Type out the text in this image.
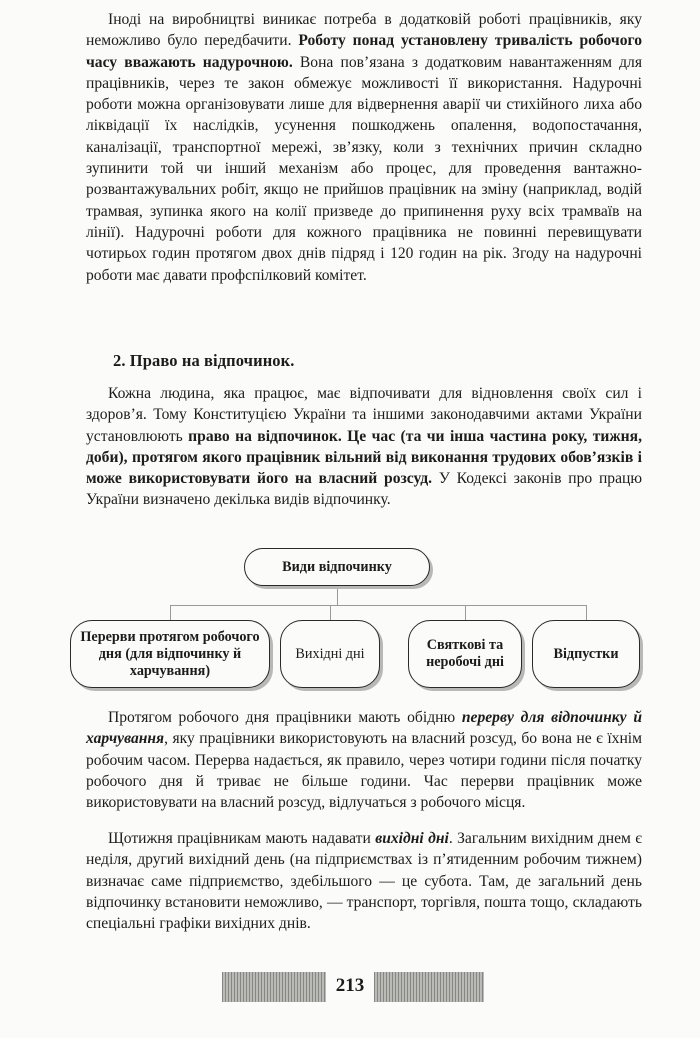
Іноді на виробництві виникає потреба в додатковій роботі працівників, яку неможливо було передбачити. Роботу понад установлену тривалість робочого часу вважають надурочною. Вона пов’язана з додатковим навантаженням для працівників, через те закон обмежує можливості її використання. Надурочні роботи можна організовувати лише для відвернення аварії чи стихійного лиха або ліквідації їх наслідків, усунення пошкоджень опалення, водопостачання, каналізації, транспортної мережі, зв’язку, коли з технічних причин складно зупинити той чи інший механізм або процес, для проведення вантажно-розвантажувальних робіт, якщо не прийшов працівник на зміну (наприклад, водій трамвая, зупинка якого на колії призведе до припинення руху всіх трамваїв на лінії). Надурочні роботи для кожного працівника не повинні перевищувати чотирьох годин протягом двох днів підряд і 120 годин на рік. Згоду на надурочні роботи має давати профспілковий комітет.

2. Право на відпочинок.

Кожна людина, яка працює, має відпочивати для відновлення своїх сил і здоров’я. Тому Конституцією України та іншими законодавчими актами України установлюють право на відпочинок. Це час (та чи інша частина року, тижня, доби), протягом якого працівник вільний від виконання трудових обов’язків і може використовувати його на власний розсуд. У Кодексі законів про працю України визначено декілька видів відпочинку.

Види відпочинку
Перерви протягом робочого дня (для відпочинку й харчування)
Вихідні дні
Святкові та неробочі дні
Відпустки

Протягом робочого дня працівники мають обідню перерву для відпочинку й харчування, яку працівники використовують на власний розсуд, бо вона не є їхнім робочим часом. Перерва надається, як правило, через чотири години після початку робочого дня й триває не більше години. Час перерви працівник може використовувати на власний розсуд, відлучаться з робочого місця.

Щотижня працівникам мають надавати вихідні дні. Загальним вихідним днем є неділя, другий вихідний день (на підприємствах із п’ятиденним робочим тижнем) визначає саме підприємство, здебільшого — це субота. Там, де загальний день відпочинку встановити неможливо, — транспорт, торгівля, пошта тощо, складають спеціальні графіки вихідних днів.

213
